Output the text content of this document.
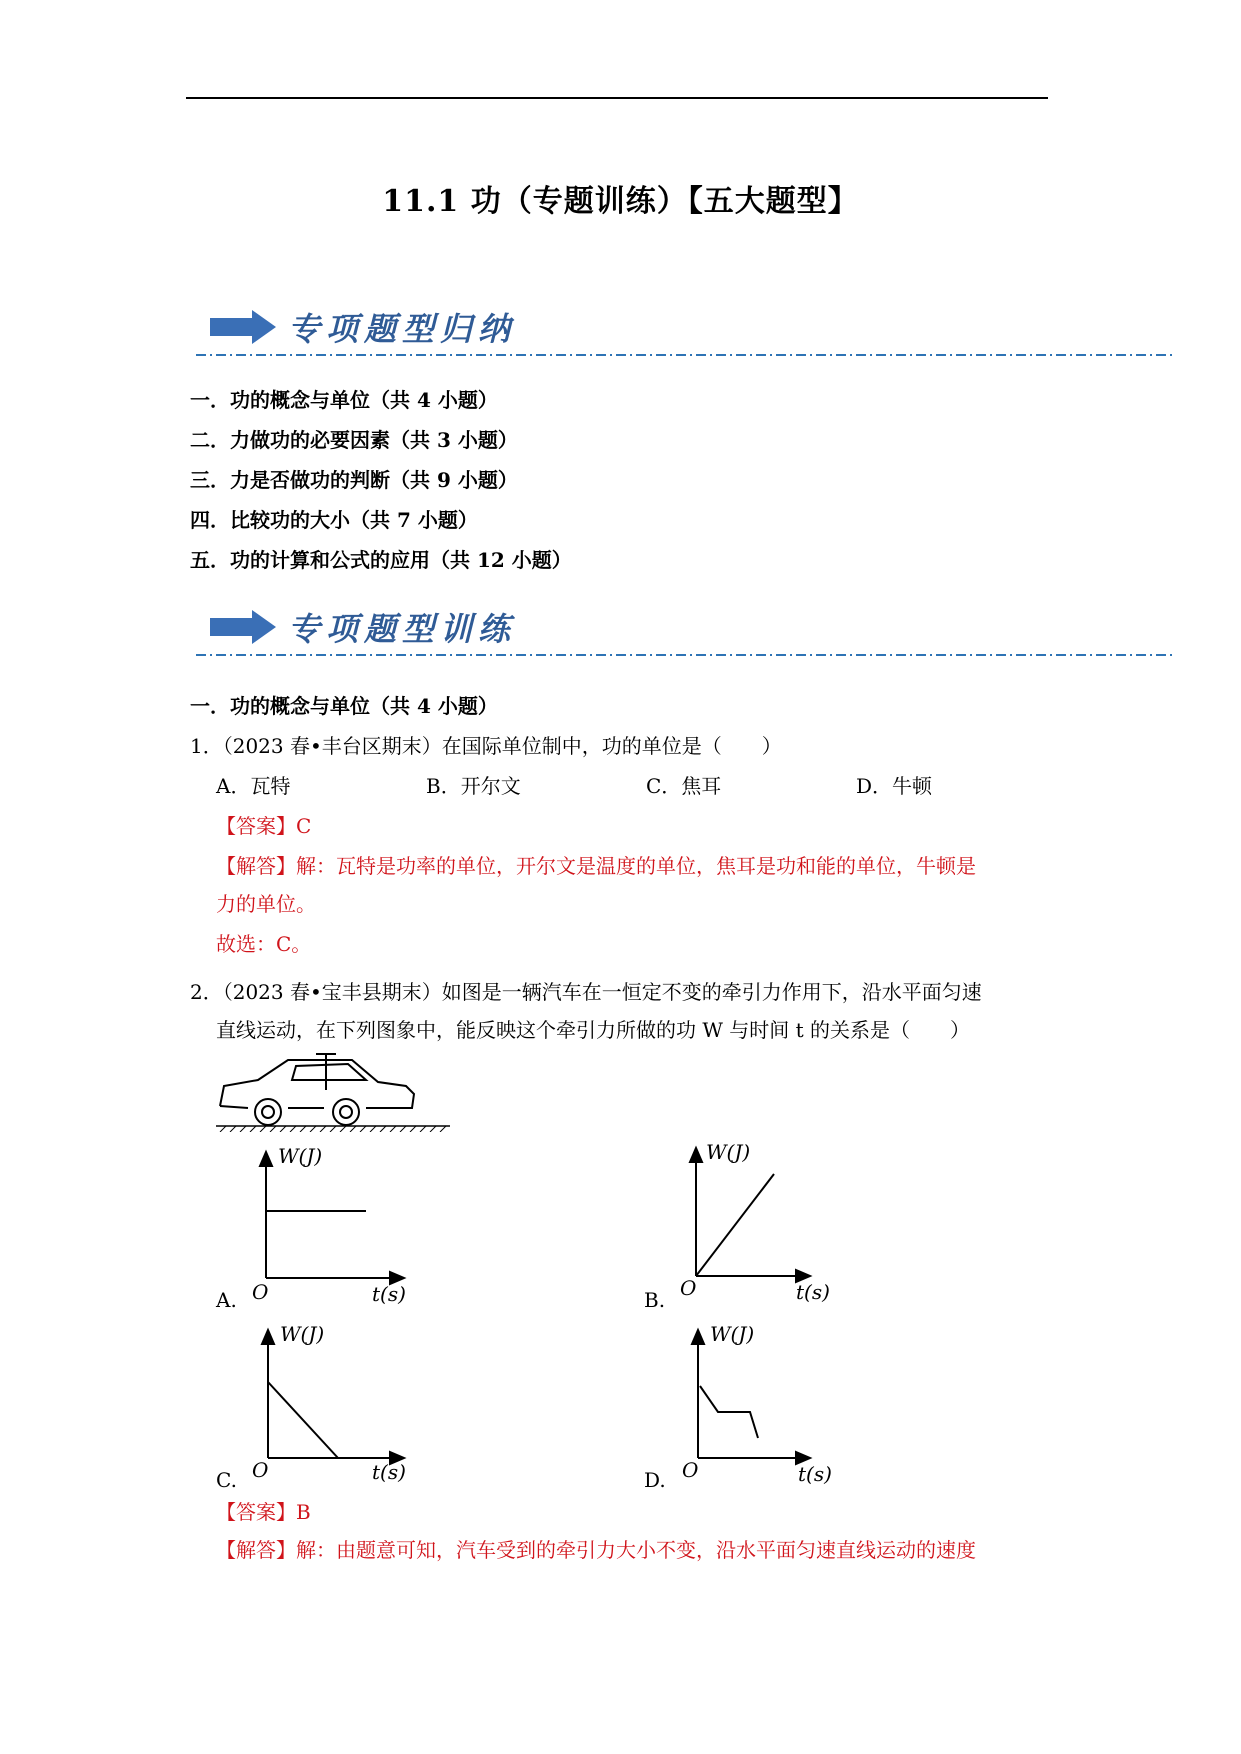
11.1 功（专题训练）【五大题型】
专项题型归纳
一．功的概念与单位（共 4 小题）
二．力做功的必要因素（共 3 小题）
三．力是否做功的判断（共 9 小题）
四．比较功的大小（共 7 小题）
五．功的计算和公式的应用（共 12 小题）
专项题型训练
一．功的概念与单位（共 4 小题）
1．（2023 春•丰台区期末）在国际单位制中，功的单位是（　　）
A．瓦特	B．开尔文	C．焦耳	D．牛顿
【答案】C
【解答】解：瓦特是功率的单位，开尔文是温度的单位，焦耳是功和能的单位，牛顿是
力的单位。
故选：C。
2．（2023 春•宝丰县期末）如图是一辆汽车在一恒定不变的牵引力作用下，沿水平面匀速
直线运动，在下列图象中，能反映这个牵引力所做的功 W 与时间 t 的关系是（　　）
W(J)
O	t(s)
A.
W(J)
O	t(s)
B.
W(J)
O	t(s)
C.
W(J)
O	t(s)
D.
【答案】B
【解答】解：由题意可知，汽车受到的牵引力大小不变，沿水平面匀速直线运动的速度
